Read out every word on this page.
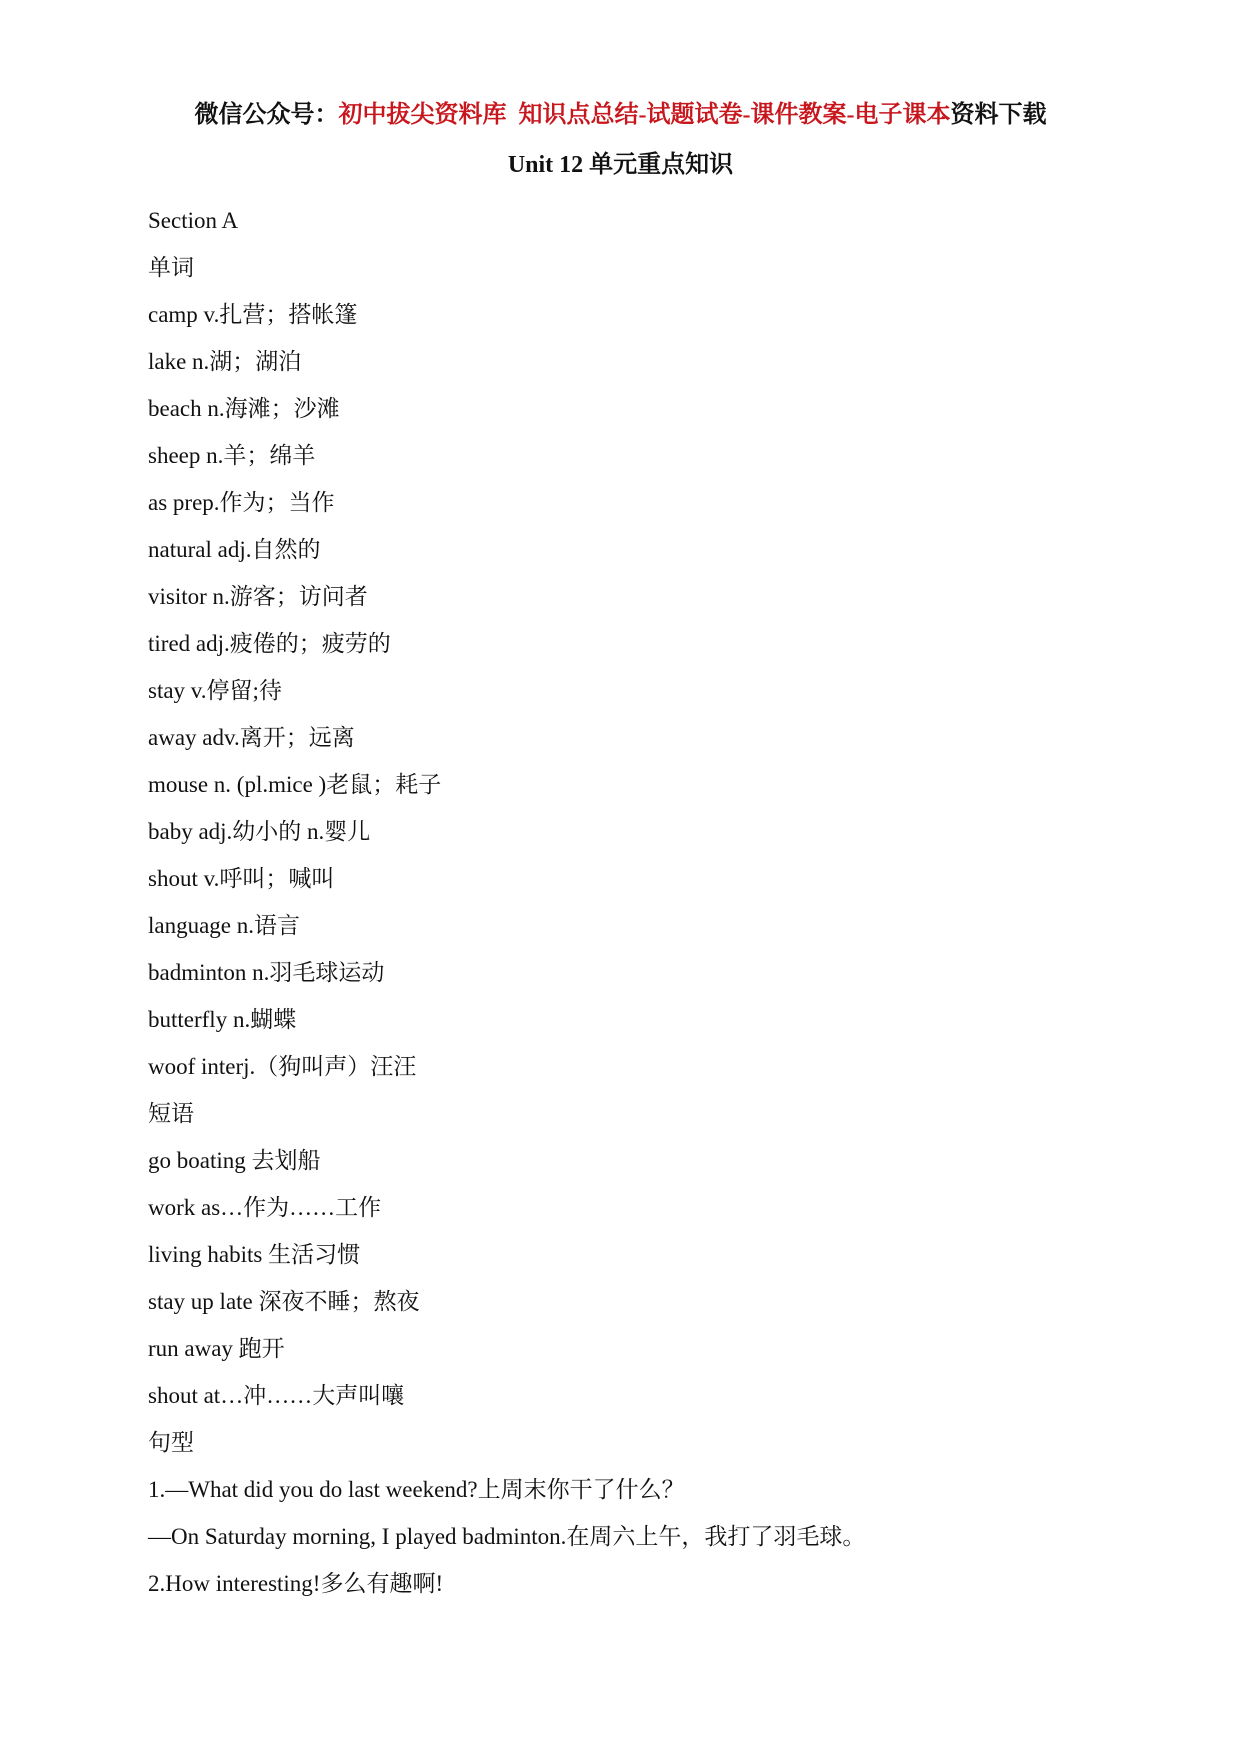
微信公众号：初中拔尖资料库 知识点总结-试题试卷-课件教案-电子课本资料下载
Unit 12 单元重点知识
Section A
单词
camp v.扎营；搭帐篷
lake n.湖；湖泊
beach n.海滩；沙滩
sheep n.羊；绵羊
as prep.作为；当作
natural adj.自然的
visitor n.游客；访问者
tired adj.疲倦的；疲劳的
stay v.停留;待
away adv.离开；远离
mouse n. (pl.mice )老鼠；耗子
baby adj.幼小的 n.婴儿
shout v.呼叫；喊叫
language n.语言
badminton n.羽毛球运动
butterfly n.蝴蝶
woof interj.（狗叫声）汪汪
短语
go boating 去划船
work as…作为……工作
living habits 生活习惯
stay up late 深夜不睡；熬夜
run away 跑开
shout at…冲……大声叫嚷
句型
1.—What did you do last weekend?上周末你干了什么？
—On Saturday morning, I played badminton.在周六上午，我打了羽毛球。
2.How interesting!多么有趣啊!
